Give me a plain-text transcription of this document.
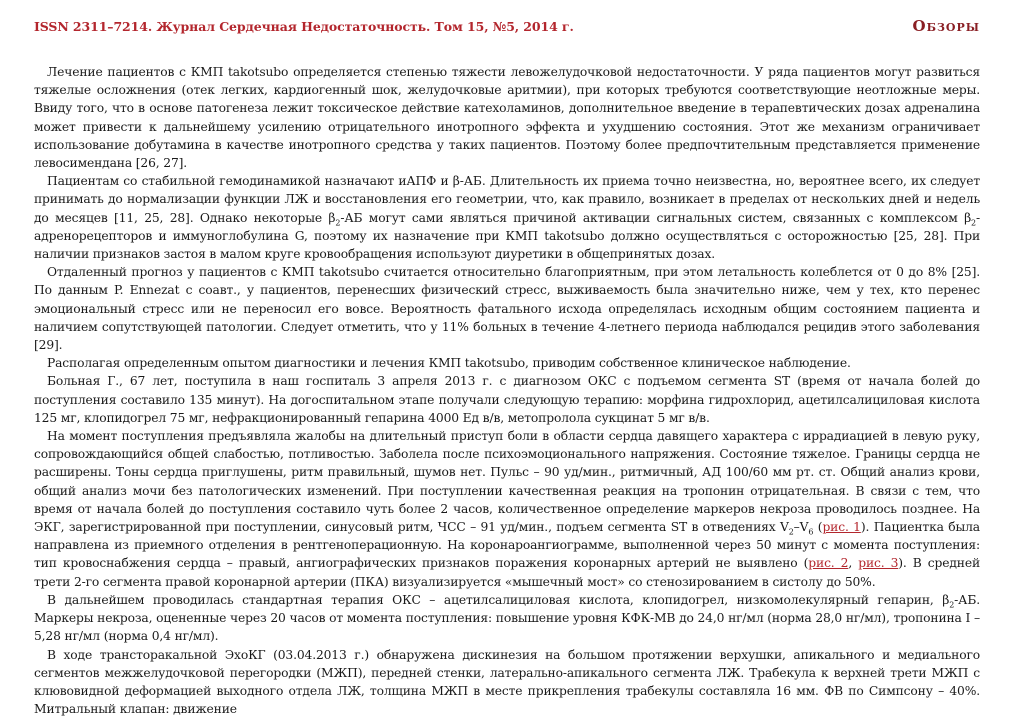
ISSN 2311–7214. Журнал Сердечная Недостаточность. Том 15, №5, 2014 г.	Обзоры

Лечение пациентов с КМП takotsubo определяется степенью тяжести левожелудочковой недостаточности. У ряда пациентов могут развиться тяжелые осложнения (отек легких, кардиогенный шок, желудочковые аритмии), при которых требуются соответствующие неотложные меры. Ввиду того, что в основе патогенеза лежит токсическое действие катехоламинов, дополнительное введение в терапевтических дозах адреналина может привести к дальнейшему усилению отрицательного инотропного эффекта и ухудшению состояния. Этот же механизм ограничивает использование добутамина в качестве инотропного средства у таких пациентов. Поэтому более предпочтительным представляется применение левосимендана [26, 27].

Пациентам со стабильной гемодинамикой назначают иАПФ и β-АБ. Длительность их приема точно неизвестна, но, вероятнее всего, их следует принимать до нормализации функции ЛЖ и восстановления его геометрии, что, как правило, возникает в пределах от нескольких дней и недель до месяцев [11, 25, 28]. Однако некоторые $\beta_2-АБ$ могут сами являться причиной активации сигнальных систем, связанных с комплексом $\beta_2$-адренорецепторов и иммуноглобулина G, поэтому их назначение при КМП takotsubo должно осуществляться с осторожностью [25, 28]. При наличии признаков застоя в малом круге кровообращения используют диуретики в общепринятых дозах.

Отдаленный прогноз у пациентов с КМП takotsubo считается относительно благоприятным, при этом летальность колеблется от 0 до 8% [25]. По данным P. Ennezat с соавт., у пациентов, перенесших физический стресс, выживаемость была значительно ниже, чем у тех, кто перенес эмоциональный стресс или не переносил его вовсе. Вероятность фатального исхода определялась исходным общим состоянием пациента и наличием сопутствующей патологии. Следует отметить, что у 11% больных в течение 4-летнего периода наблюдался рецидив этого заболевания [29].

Располагая определенным опытом диагностики и лечения КМП takotsubo, приводим собственное клиническое наблюдение.

Больная Г., 67 лет, поступила в наш госпиталь 3 апреля 2013 г. с диагнозом ОКС с подъемом сегмента ST (время от начала болей до поступления составило 135 минут). На догоспитальном этапе получали следующую терапию: морфина гидрохлорид, ацетилсалициловая кислота 125 мг, клопидогрел 75 мг, нефракционированный гепарина 4000 Ед в/в, метопролола сукцинат 5 мг в/в.

На момент поступления предъявляла жалобы на длительный приступ боли в области сердца давящего характера с иррадиацией в левую руку, сопровождающийся общей слабостью, потливостью. Заболела после психоэмоционального напряжения. Состояние тяжелое. Границы сердца не расширены. Тоны сердца приглушены, ритм правильный, шумов нет. Пульс – 90 уд/мин., ритмичный, АД 100/60 мм рт. ст. Общий анализ крови, общий анализ мочи без патологических изменений. При поступлении качественная реакция на тропонин отрицательная. В связи с тем, что время от начала болей до поступления составило чуть более 2 часов, количественное определение маркеров некроза проводилось позднее. На ЭКГ, зарегистрированной при поступлении, синусовый ритм, ЧСС – 91 уд/мин., подъем сегмента ST в отведениях $V_2-V_6$ (рис. 1). Пациентка была направлена из приемного отделения в рентгеноперационную. На коронароангиограмме, выполненной через 50 минут с момента поступления: тип кровоснабжения сердца – правый, ангиографических признаков поражения коронарных артерий не выявлено (рис. 2, рис. 3). В средней трети 2-го сегмента правой коронарной артерии (ПКА) визуализируется «мышечный мост» со стенозированием в систолу до 50%.

В дальнейшем проводилась стандартная терапия ОКС – ацетилсалициловая кислота, клопидогрел, низкомолекулярный гепарин, $\beta_2-АБ$. Маркеры некроза, оцененные через 20 часов от момента поступления: повышение уровня КФК-МВ до 24,0 нг/мл (норма 28,0 нг/мл), тропонина I – 5,28 нг/мл (норма 0,4 нг/мл).

В ходе трансторакальной ЭхоКГ (03.04.2013 г.) обнаружена дискинезия на большом протяжении верхушки, апикального и медиального сегментов межжелудочковой перегородки (МЖП), передней стенки, латерально-апикального сегмента ЛЖ. Трабекула к верхней трети МЖП с клювовидной деформацией выходного отдела ЛЖ, толщина МЖП в месте прикрепления трабекулы составляла 16 мм. ФВ по Симпсону – 40%. Митральный клапан: движение
